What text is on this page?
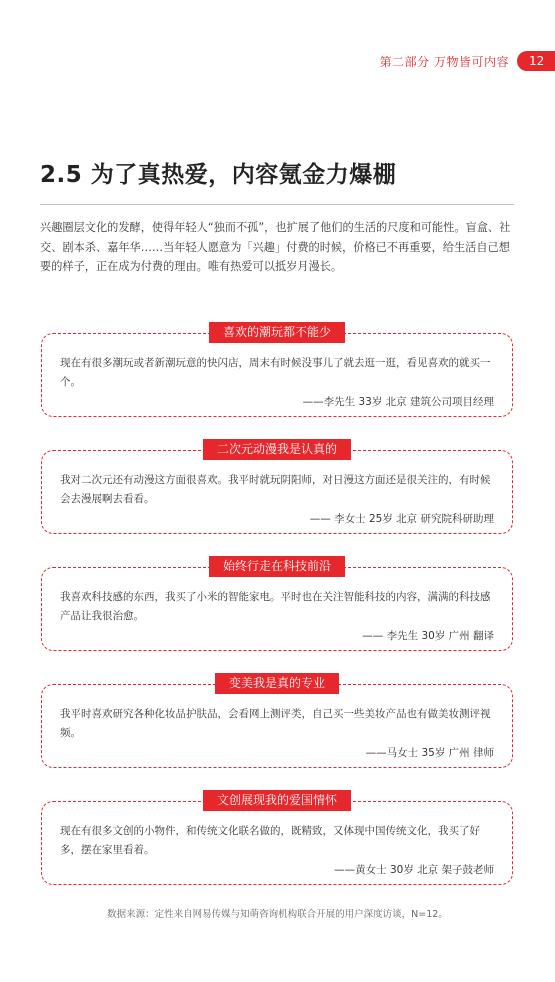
第二部分 万物皆可内容	12
2.5 为了真热爱，内容氪金力爆棚

兴趣圈层文化的发酵，使得年轻人“独而不孤”，也扩展了他们的生活的尺度和可能性。盲盒、社交、剧本杀、嘉年华……当年轻人愿意为「兴趣」付费的时候，价格已不再重要，给生活自己想要的样子，正在成为付费的理由。唯有热爱可以抵岁月漫长。

喜欢的潮玩都不能少

现在有很多潮玩或者新潮玩意的快闪店，周末有时候没事儿了就去逛一逛，看见喜欢的就买一个。

——李先生 33岁 北京 建筑公司项目经理
二次元动漫我是认真的

我对二次元还有动漫这方面很喜欢。我平时就玩阴阳师，对日漫这方面还是很关注的，有时候会去漫展啊去看看。

—— 李女士 25岁 北京 研究院科研助理
始终行走在科技前沿

我喜欢科技感的东西，我买了小米的智能家电。平时也在关注智能科技的内容，满满的科技感产品让我很治愈。

—— 李先生 30岁 广州 翻译
变美我是真的专业

我平时喜欢研究各种化妆品护肤品，会看网上测评类，自己买一些美妆产品也有做美妆测评视频。

——马女士 35岁 广州 律师
文创展现我的爱国情怀

现在有很多文创的小物件，和传统文化联名做的，既精致，又体现中国传统文化，我买了好多，摆在家里看着。

——黄女士 30岁 北京 架子鼓老师

数据来源：定性来自网易传媒与知萌咨询机构联合开展的用户深度访谈，N=12。
